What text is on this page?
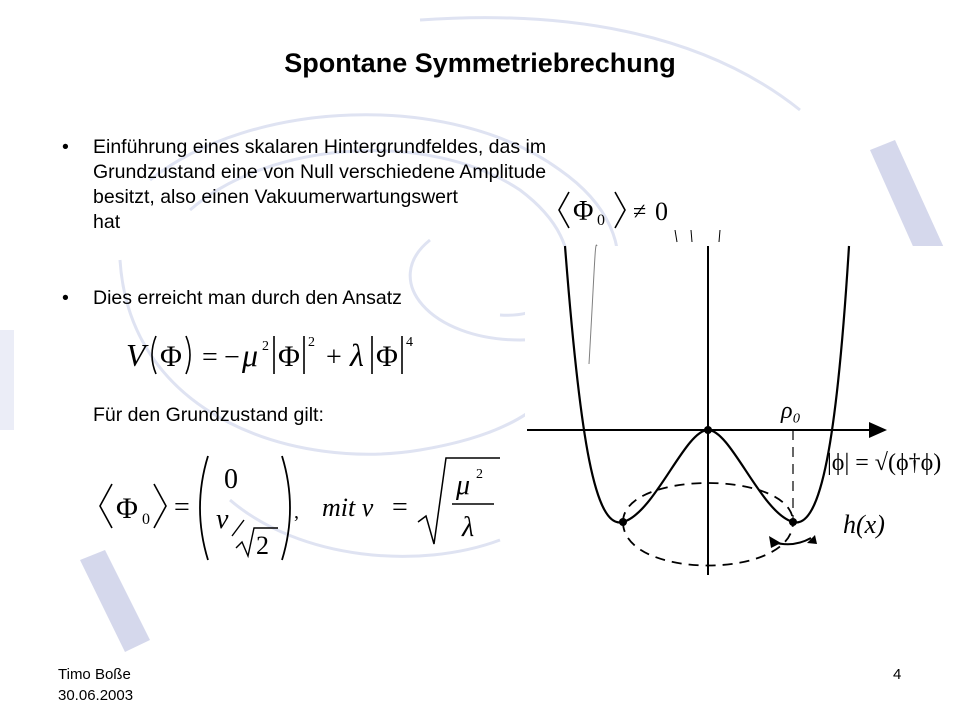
Spontane Symmetriebrechung
• Einführung eines skalaren Hintergrundfeldes, das im
Grundzustand eine von Null verschiedene Amplitude
besitzt, also einen Vakuumerwartungswert
hat	Φ 0 ≠ 0
• Dies erreicht man durch den Ansatz
V Φ = − μ 2 Φ 2 + λ Φ 4
Für den Grundzustand gilt:
Φ 0 =
0
v
2
, mit v =
μ 2
λ
ρ₀
|ϕ| = √(ϕ†ϕ)
h(x)
Timo Boße
30.06.2003
4
